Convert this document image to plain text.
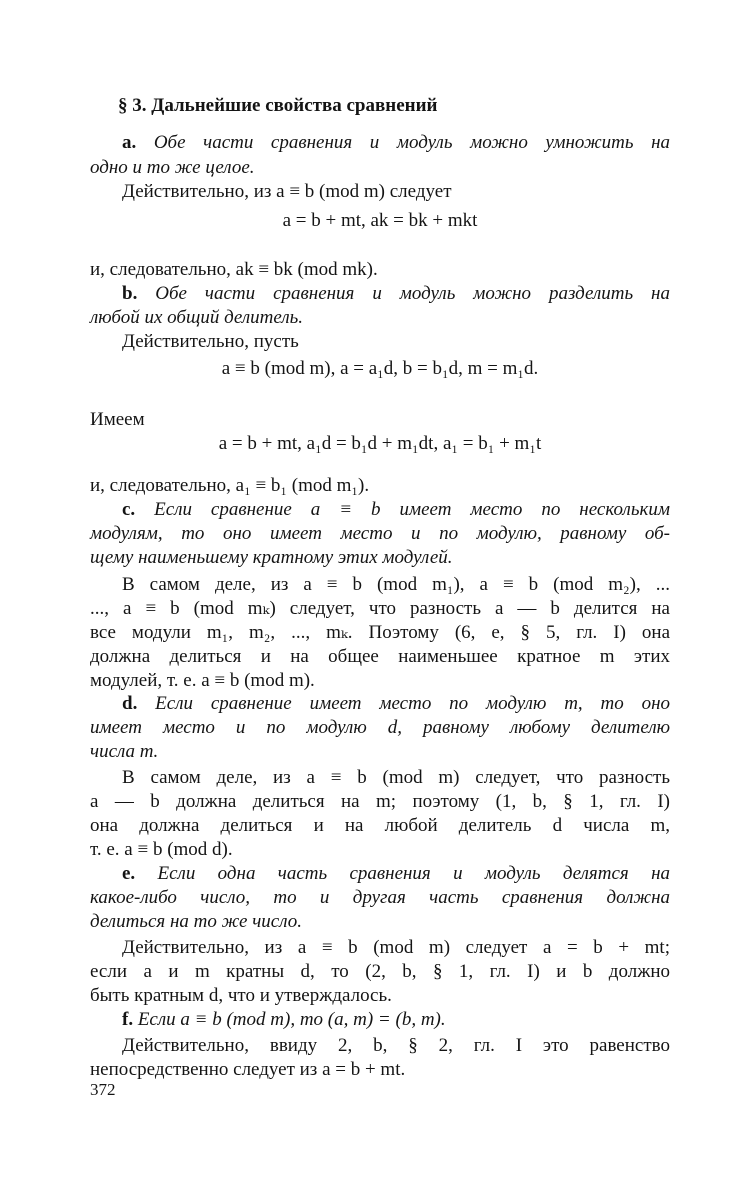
§ 3. Дальнейшие свойства сравнений
a. Обе части сравнения и модуль можно умножить на
одно и то же целое.
Действительно, из a ≡ b (mod m) следует
a = b + mt, ak = bk + mkt
и, следовательно, ak ≡ bk (mod mk).
b. Обе части сравнения и модуль можно разделить на
любой их общий делитель.
Действительно, пусть
a ≡ b (mod m), a = a₁d, b = b₁d, m = m₁d.
Имеем
a = b + mt, a₁d = b₁d + m₁dt, a₁ = b₁ + m₁t
и, следовательно, a₁ ≡ b₁ (mod m₁).
c. Если сравнение a ≡ b имеет место по нескольким
модулям, то оно имеет место и по модулю, равному об-
щему наименьшему кратному этих модулей.
В самом деле, из a ≡ b (mod m₁), a ≡ b (mod m₂), ...
..., a ≡ b (mod mₖ) следует, что разность a — b делится на
все модули m₁, m₂, ..., mₖ. Поэтому (6, e, § 5, гл. I) она
должна делиться и на общее наименьшее кратное m этих
модулей, т. е. a ≡ b (mod m).
d. Если сравнение имеет место по модулю m, то оно
имеет место и по модулю d, равному любому делителю
числа m.
В самом деле, из a ≡ b (mod m) следует, что разность
a — b должна делиться на m; поэтому (1, b, § 1, гл. I)
она должна делиться и на любой делитель d числа m,
т. е. a ≡ b (mod d).
e. Если одна часть сравнения и модуль делятся на
какое-либо число, то и другая часть сравнения должна
делиться на то же число.
Действительно, из a ≡ b (mod m) следует a = b + mt;
если a и m кратны d, то (2, b, § 1, гл. I) и b должно
быть кратным d, что и утверждалось.
f. Если a ≡ b (mod m), то (a, m) = (b, m).
Действительно, ввиду 2, b, § 2, гл. I это равенство
непосредственно следует из a = b + mt.
372
